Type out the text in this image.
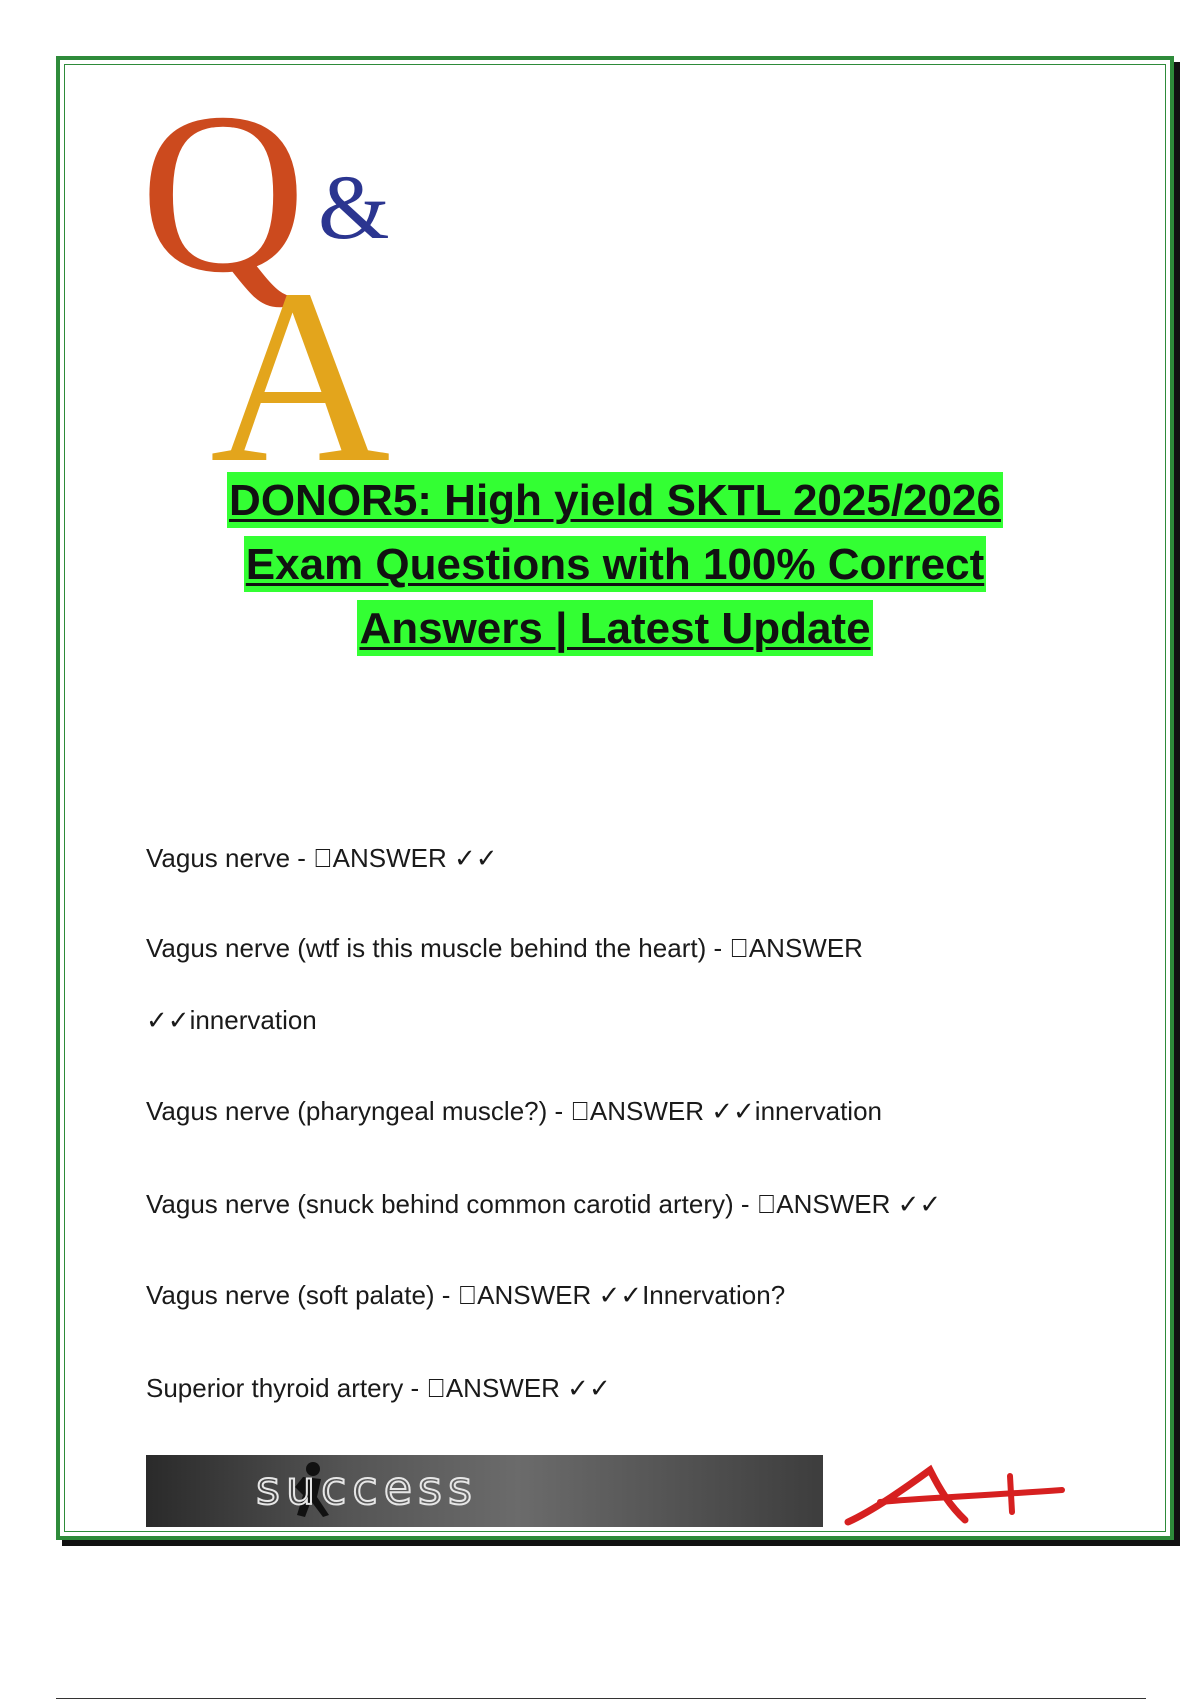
Q &
A
DONOR5: High yield SKTL 2025/2026
Exam Questions with 100% Correct
Answers | Latest Update
Vagus nerve -  ANSWER ✓✓
Vagus nerve (wtf is this muscle behind the heart) -  ANSWER
✓✓innervation
Vagus nerve (pharyngeal muscle?) -  ANSWER ✓✓innervation
Vagus nerve (snuck behind common carotid artery) -  ANSWER ✓✓
Vagus nerve (soft palate) -  ANSWER ✓✓Innervation?
Superior thyroid artery -  ANSWER ✓✓
success
